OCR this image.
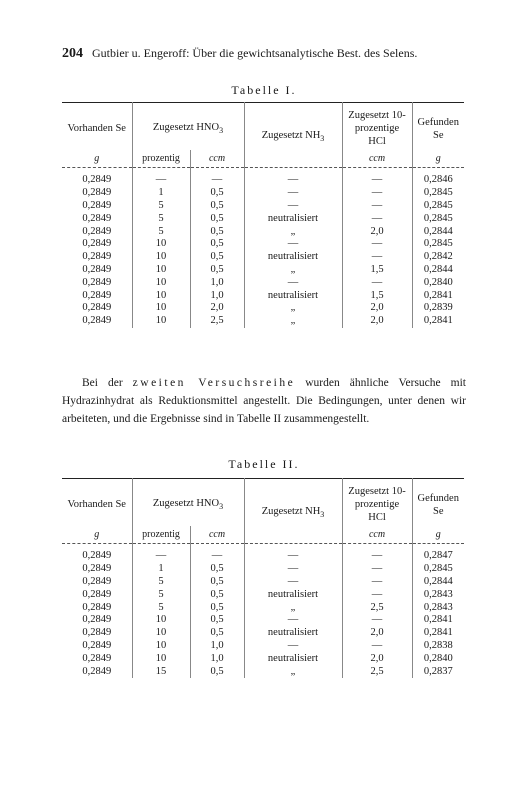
204 Gutbier u. Engeroff: Über die gewichtsanalytische Best. des Selens.
Tabelle I.
Vorhanden Se	Zugesetzt $HNO_3$		Zugesetzt $NH_3$	Zugesetzt 10-prozentige HCl	Gefunden Se
g	prozentig	ccm		ccm	g
0,2849	—	—	—	—	0,2846
0,2849	1	0,5	—	—	0,2845
0,2849	5	0,5	—	—	0,2845
0,2849	5	0,5	neutralisiert	—	0,2845
0,2849	5	0,5	„	2,0	0,2844
0,2849	10	0,5	—	—	0,2845
0,2849	10	0,5	neutralisiert	—	0,2842
0,2849	10	0,5	„	1,5	0,2844
0,2849	10	1,0	—	—	0,2840
0,2849	10	1,0	neutralisiert	1,5	0,2841
0,2849	10	2,0	„	2,0	0,2839
0,2849	10	2,5	„	2,0	0,2841
Bei der zweiten Versuchsreihe wurden ähnliche Versuche mit Hydrazinhydrat als Reduktionsmittel angestellt. Die Bedingungen, unter denen wir arbeiteten, und die Ergebnisse sind in Tabelle II zusammengestellt.
Tabelle II.
Vorhanden Se	Zugesetzt $HNO_3$		Zugesetzt $NH_3$	Zugesetzt 10-prozentige HCl	Gefunden Se
g	prozentig	ccm		ccm	g
0,2849	—	—	—	—	0,2847
0,2849	1	0,5	—	—	0,2845
0,2849	5	0,5	—	—	0,2844
0,2849	5	0,5	neutralisiert	—	0,2843
0,2849	5	0,5	„	2,5	0,2843
0,2849	10	0,5	—	—	0,2841
0,2849	10	0,5	neutralisiert	2,0	0,2841
0,2849	10	1,0	—	—	0,2838
0,2849	10	1,0	neutralisiert	2,0	0,2840
0,2849	15	0,5	„	2,5	0,2837
